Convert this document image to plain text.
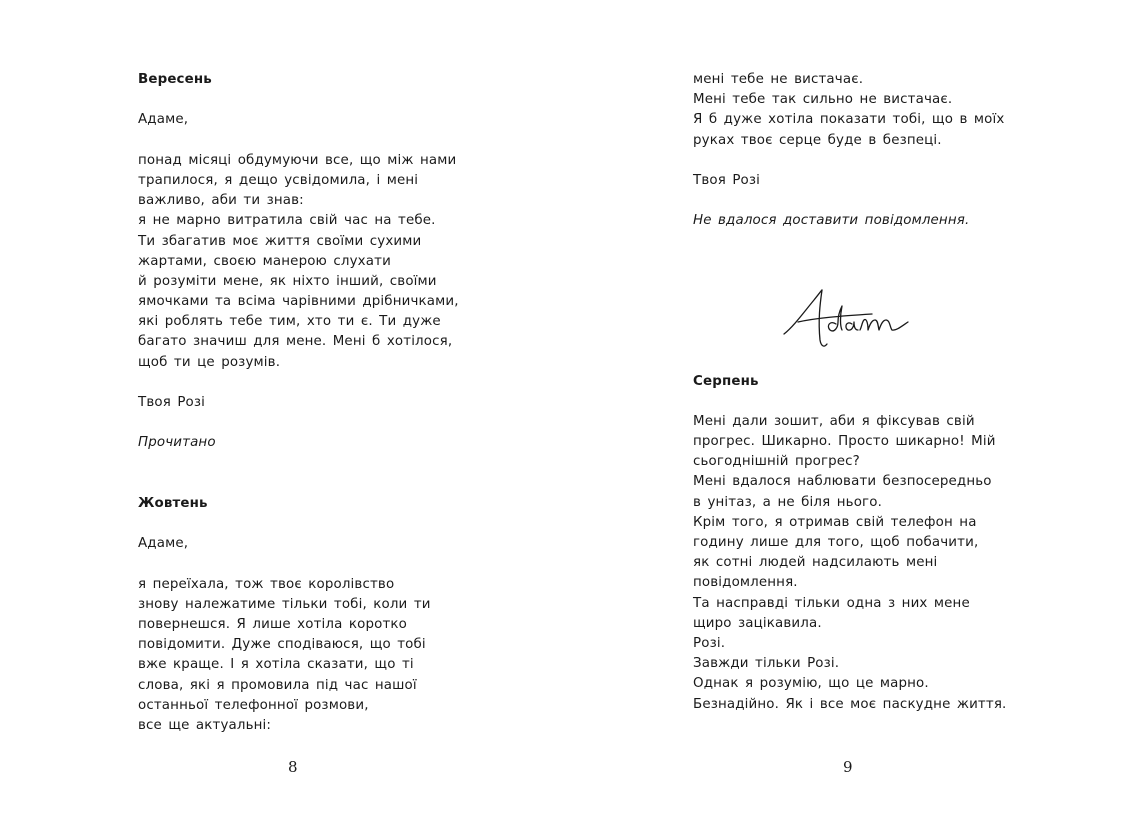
Вересень
Адаме,
понад місяці обдумуючи все, що між нами
трапилося, я дещо усвідомила, і мені
важливо, аби ти знав:
я не марно витратила свій час на тебе.
Ти збагатив моє життя своїми сухими
жартами, своєю манерою слухати
й розуміти мене, як ніхто інший, своїми
ямочками та всіма чарівними дрібничками,
які роблять тебе тим, хто ти є. Ти дуже
багато значиш для мене. Мені б хотілося,
щоб ти це розумів.
Твоя Розі
Прочитано
Жовтень
Адаме,
я переїхала, тож твоє королівство
знову належатиме тільки тобі, коли ти
повернешся. Я лише хотіла коротко
повідомити. Дуже сподіваюся, що тобі
вже краще. І я хотіла сказати, що ті
слова, які я промовила під час нашої
останньої телефонної розмови,
все ще актуальні:
8
мені тебе не вистачає.
Мені тебе так сильно не вистачає.
Я б дуже хотіла показати тобі, що в моїх
руках твоє серце буде в безпеці.
Твоя Розі
Не вдалося доставити повідомлення.
Серпень
Мені дали зошит, аби я фіксував свій
прогрес. Шикарно. Просто шикарно! Мій
сьогоднішній прогрес?
Мені вдалося наблювати безпосередньо
в унітаз, а не біля нього.
Крім того, я отримав свій телефон на
годину лише для того, щоб побачити,
як сотні людей надсилають мені
повідомлення.
Та насправді тільки одна з них мене
щиро зацікавила.
Розі.
Завжди тільки Розі.
Однак я розумію, що це марно.
Безнадійно. Як і все моє паскудне життя.
9
